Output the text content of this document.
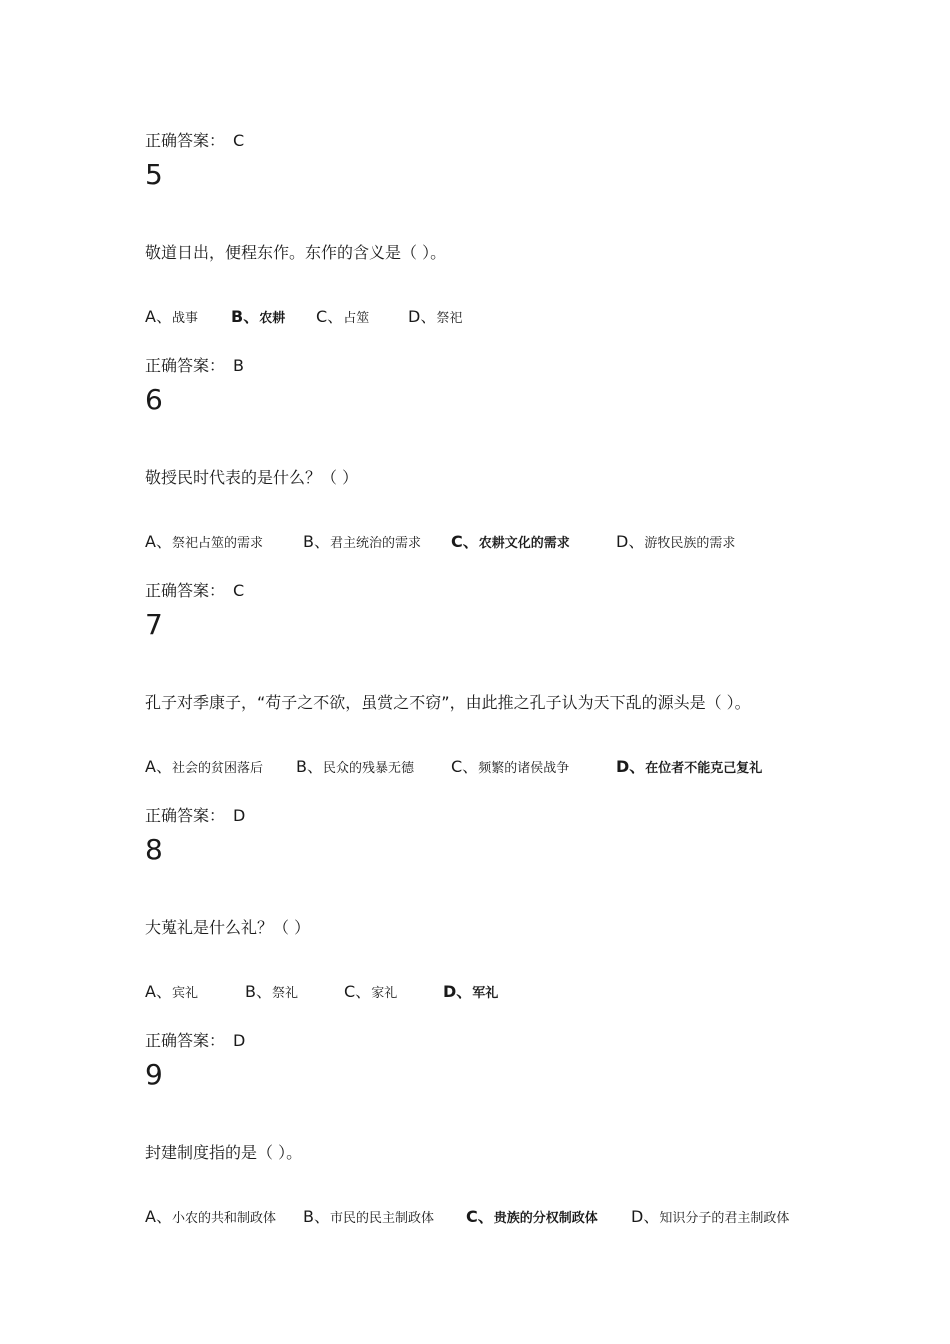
正确答案： C
5
敬道日出，便程东作。东作的含义是（ ）。
A、战事 B、农耕 C、占筮 D、祭祀
正确答案： B
6
敬授民时代表的是什么？（ ）
A、祭祀占筮的需求	B、君主统治的需求 C、农耕文化的需求	D、游牧民族的需求
正确答案： C
7
孔子对季康子，“苟子之不欲，虽赏之不窃”，由此推之孔子认为天下乱的源头是（ ）。
A、社会的贫困落后 B、民众的残暴无德 C、频繁的诸侯战争	D、在位者不能克己复礼
正确答案： D
8
大蒐礼是什么礼？（ ）
A、宾礼	B、祭礼	C、家礼	D、军礼
正确答案： D
9
封建制度指的是（ ）。
A、小农的共和制政体 B、市民的民主制政体 C、贵族的分权制政体 D、知识分子的君主制政体
